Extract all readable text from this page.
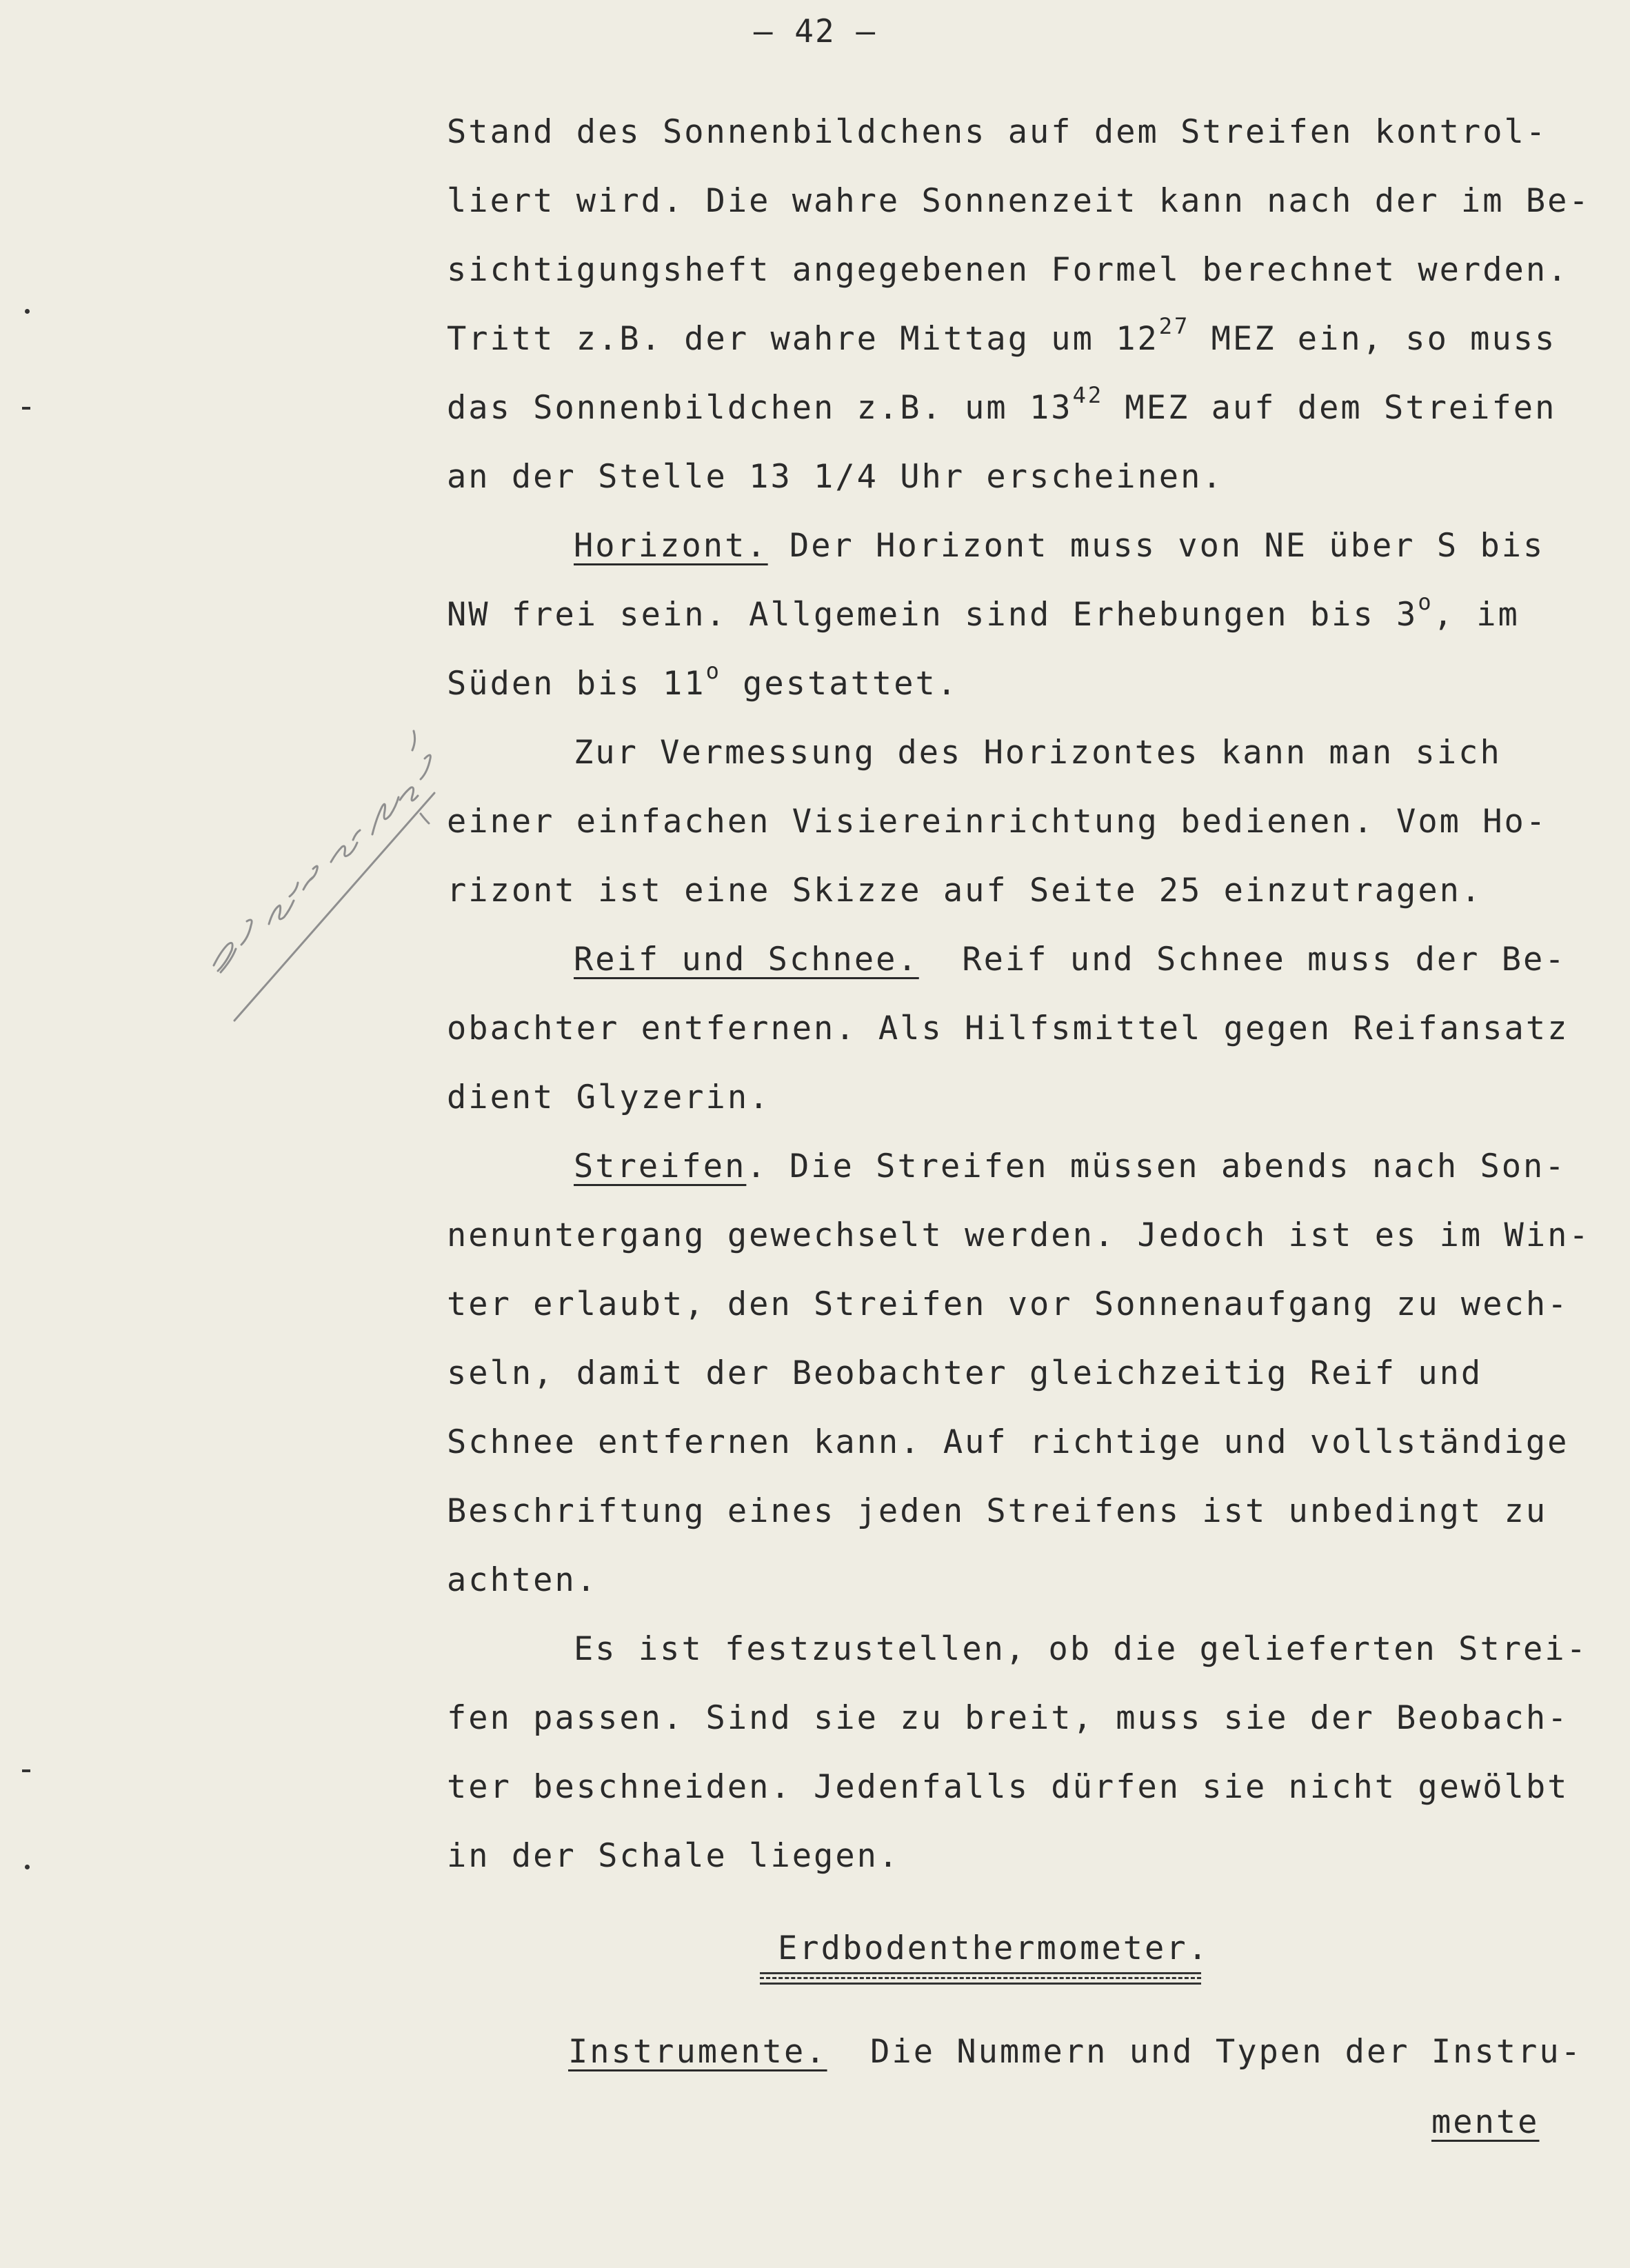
– 42 –
Stand des Sonnenbildchens auf dem Streifen kontrol-
liert wird. Die wahre Sonnenzeit kann nach der im Be-
sichtigungsheft angegebenen Formel berechnet werden.
Tritt z.B. der wahre Mittag um $12^{27}$ MEZ ein, so muss
das Sonnenbildchen z.B. um $13^{42}$ MEZ auf dem Streifen
an der Stelle 13 1/4 Uhr erscheinen.
Horizont. Der Horizont muss von NE über S bis
NW frei sein. Allgemein sind Erhebungen bis 3$^o$, im
Süden bis 11$^o$ gestattet.
Zur Vermessung des Horizontes kann man sich
einer einfachen Visiereinrichtung bedienen. Vom Ho-
rizont ist eine Skizze auf Seite 25 einzutragen.
Reif und Schnee.  Reif und Schnee muss der Be-
obachter entfernen. Als Hilfsmittel gegen Reifansatz
dient Glyzerin.
Streifen. Die Streifen müssen abends nach Son-
nenuntergang gewechselt werden. Jedoch ist es im Win-
ter erlaubt, den Streifen vor Sonnenaufgang zu wech-
seln, damit der Beobachter gleichzeitig Reif und
Schnee entfernen kann. Auf richtige und vollständige
Beschriftung eines jeden Streifens ist unbedingt zu
achten.
Es ist festzustellen, ob die gelieferten Strei-
fen passen. Sind sie zu breit, muss sie der Beobach-
ter beschneiden. Jedenfalls dürfen sie nicht gewölbt
in der Schale liegen.
Erdbodenthermometer.
Instrumente.  Die Nummern und Typen der Instru-
mente
